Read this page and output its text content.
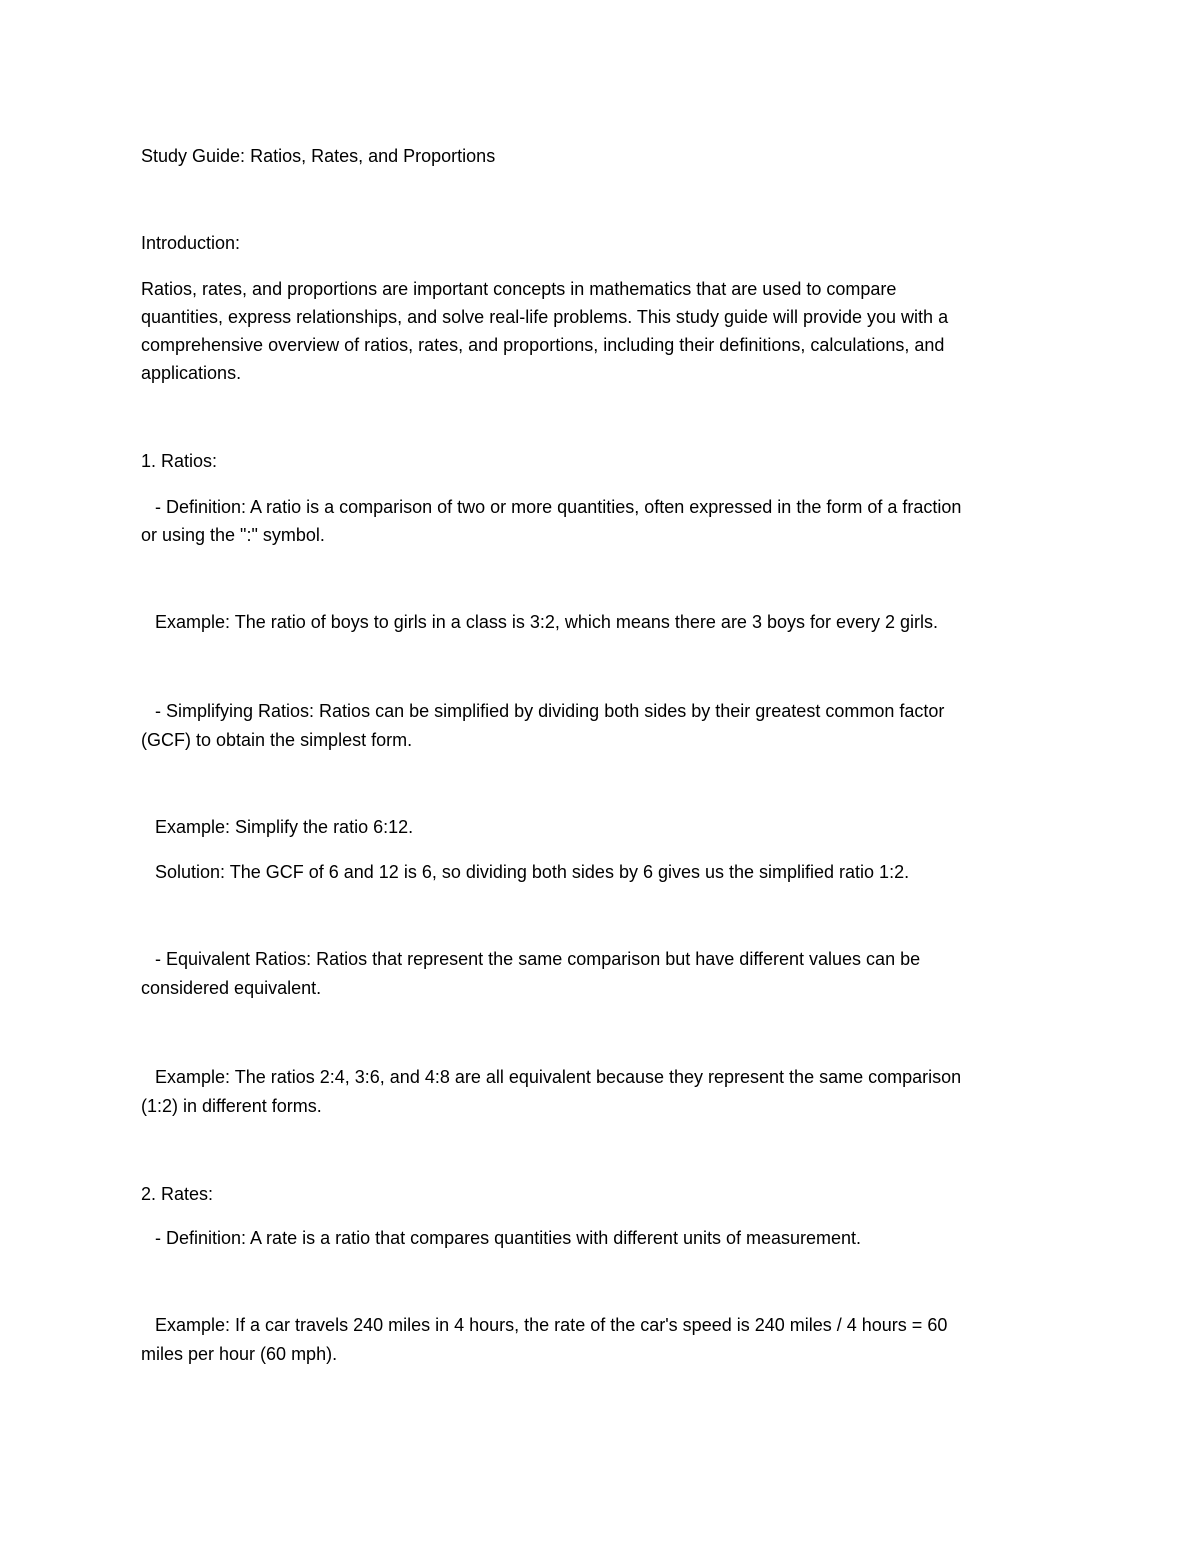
Study Guide: Ratios, Rates, and Proportions

Introduction:

Ratios, rates, and proportions are important concepts in mathematics that are used to compare

quantities, express relationships, and solve real-life problems. This study guide will provide you with a

comprehensive overview of ratios, rates, and proportions, including their definitions, calculations, and

applications.

1. Ratios:

- Definition: A ratio is a comparison of two or more quantities, often expressed in the form of a fraction

or using the ":" symbol.

Example: The ratio of boys to girls in a class is 3:2, which means there are 3 boys for every 2 girls.

- Simplifying Ratios: Ratios can be simplified by dividing both sides by their greatest common factor

(GCF) to obtain the simplest form.

Example: Simplify the ratio 6:12.

Solution: The GCF of 6 and 12 is 6, so dividing both sides by 6 gives us the simplified ratio 1:2.

- Equivalent Ratios: Ratios that represent the same comparison but have different values can be

considered equivalent.

Example: The ratios 2:4, 3:6, and 4:8 are all equivalent because they represent the same comparison

(1:2) in different forms.

2. Rates:

- Definition: A rate is a ratio that compares quantities with different units of measurement.

Example: If a car travels 240 miles in 4 hours, the rate of the car's speed is 240 miles / 4 hours = 60

miles per hour (60 mph).
